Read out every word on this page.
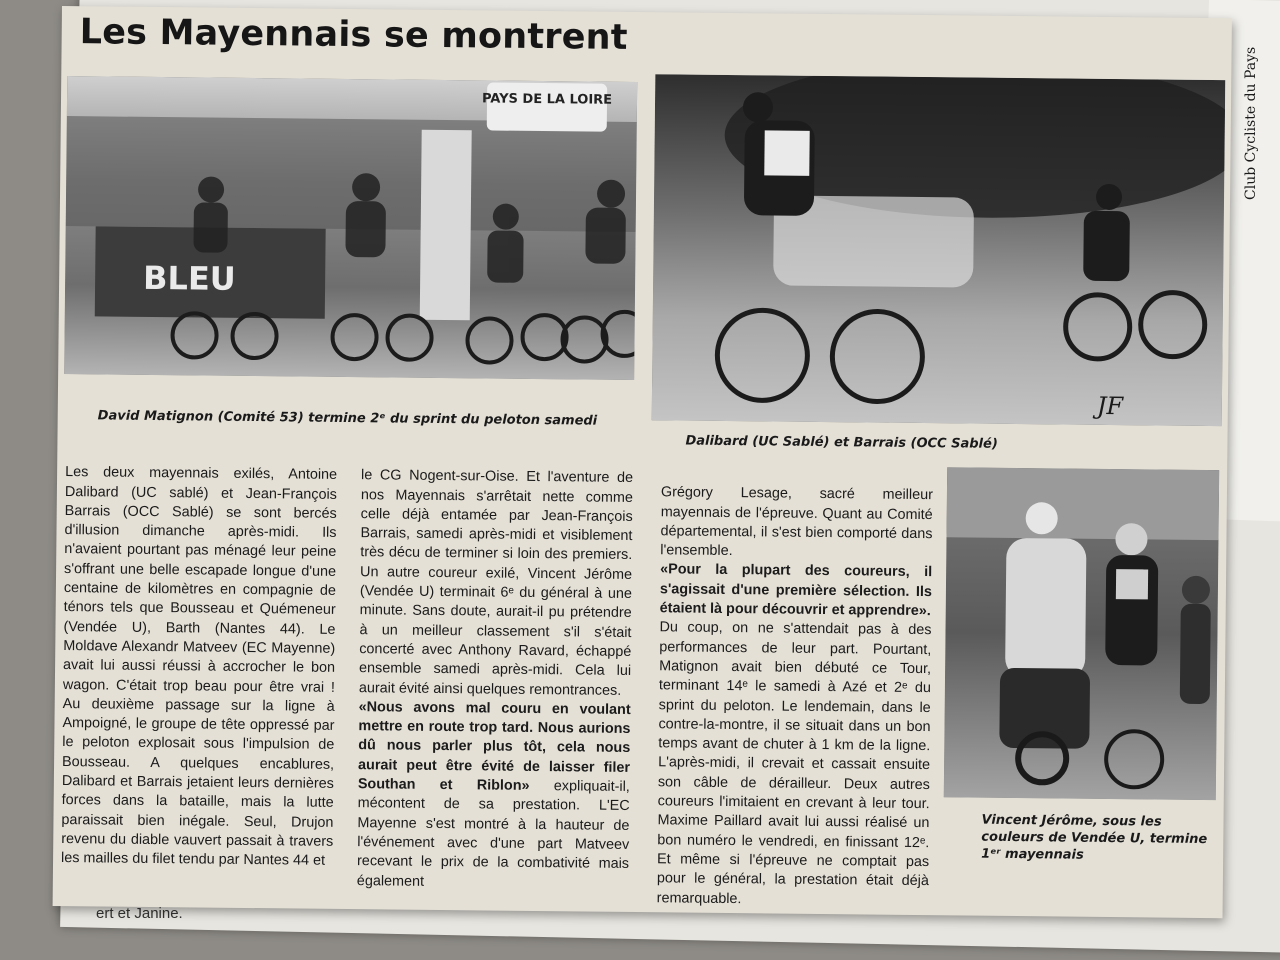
Club Cycliste du Pays
ert et Janine.
Les Mayennais se montrent
PAYS DE LA LOIRE
BLEU
David Matignon (Comité 53) termine 2ᵉ du sprint du peloton samedi	JF
Dalibard (UC Sablé) et Barrais (OCC Sablé)

Les deux mayennais exilés, Antoine Dalibard (UC sablé) et Jean-François Barrais (OCC Sablé) se sont bercés d'illusion dimanche après-midi. Ils n'avaient pourtant pas ménagé leur peine s'offrant une belle escapade longue d'une centaine de kilomètres en compagnie de ténors tels que Bousseau et Quémeneur (Vendée U), Barth (Nantes 44). Le Moldave Alexandr Matveev (EC Mayenne) avait lui aussi réussi à accrocher le bon wagon. C'était trop beau pour être vrai ! Au deuxième passage sur la ligne à Ampoigné, le groupe de tête oppressé par le peloton explosait sous l'impulsion de Bousseau. A quelques encablures, Dalibard et Barrais jetaient leurs dernières forces dans la bataille, mais la lutte paraissait bien inégale. Seul, Drujon revenu du diable vauvert passait à travers les mailles du filet tendu par Nantes 44 et

le CG Nogent-sur-Oise. Et l'aventure de nos Mayennais s'arrêtait nette comme celle déjà entamée par Jean-François Barrais, samedi après-midi et visiblement très décu de terminer si loin des premiers. Un autre coureur exilé, Vincent Jérôme (Vendée U) terminait 6ᵉ du général à une minute. Sans doute, aurait-il pu prétendre à un meilleur classement s'il s'était concerté avec Anthony Ravard, échappé ensemble samedi après-midi. Cela lui aurait évité ainsi quelques remontrances.
«Nous avons mal couru en voulant mettre en route trop tard. Nous aurions dû nous parler plus tôt, cela nous aurait peut être évité de laisser filer Southan et Riblon» expliquait-il, mécontent de sa prestation. L'EC Mayenne s'est montré à la hauteur de l'événement avec d'une part Matveev recevant le prix de la combativité mais également

Grégory Lesage, sacré meilleur mayennais de l'épreuve. Quant au Comité départemental, il s'est bien comporté dans l'ensemble.
«Pour la plupart des coureurs, il s'agissait d'une première sélection. Ils étaient là pour découvrir et apprendre».
Du coup, on ne s'attendait pas à des performances de leur part. Pourtant, Matignon avait bien débuté ce Tour, terminant 14ᵉ le samedi à Azé et 2ᵉ du sprint du peloton. Le lendemain, dans le contre-la-montre, il se situait dans un bon temps avant de chuter à 1 km de la ligne. L'après-midi, il crevait et cassait ensuite son câble de dérailleur. Deux autres coureurs l'imitaient en crevant à leur tour. Maxime Paillard avait lui aussi réalisé un bon numéro le vendredi, en finissant 12ᵉ. Et même si l'épreuve ne comptait pas pour le général, la prestation était déjà remarquable.

Vincent Jérôme, sous les couleurs de Vendée U, termine 1ᵉʳ mayennais
